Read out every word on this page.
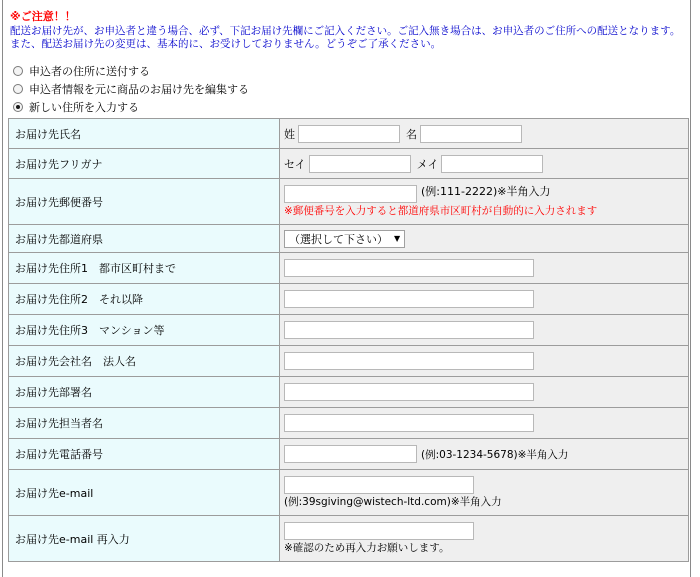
※ご注意！！
配送お届け先が、お申込者と違う場合、必ず、下記お届け先欄にご記入ください。ご記入無き場合は、お申込者のご住所への配送となります。また、配送お届け先の変更は、基本的に、お受けしておりません。どうぞご了承ください。
申込者の住所に送付する
申込者情報を元に商品のお届け先を編集する
新しい住所を入力する
お届け先氏名	姓 名
お届け先フリガナ	セイ メイ
お届け先郵便番号	(例:111-2222)※半角入力
※郵便番号を入力すると都道府県市区町村が自動的に入力されます

お届け先都道府県	（選択して下さい） ▼

お届け先住所1　都市区町村まで	
お届け先住所2　それ以降	
お届け先住所3　マンション等	
お届け先会社名　法人名	
お届け先部署名	
お届け先担当者名	
お届け先電話番号	(例:03-1234-5678)※半角入力
お届け先e-mail	(例:39sgiving@wistech-ltd.com)※半角入力

お届け先e-mail 再入力	※確認のため再入力お願いします。
